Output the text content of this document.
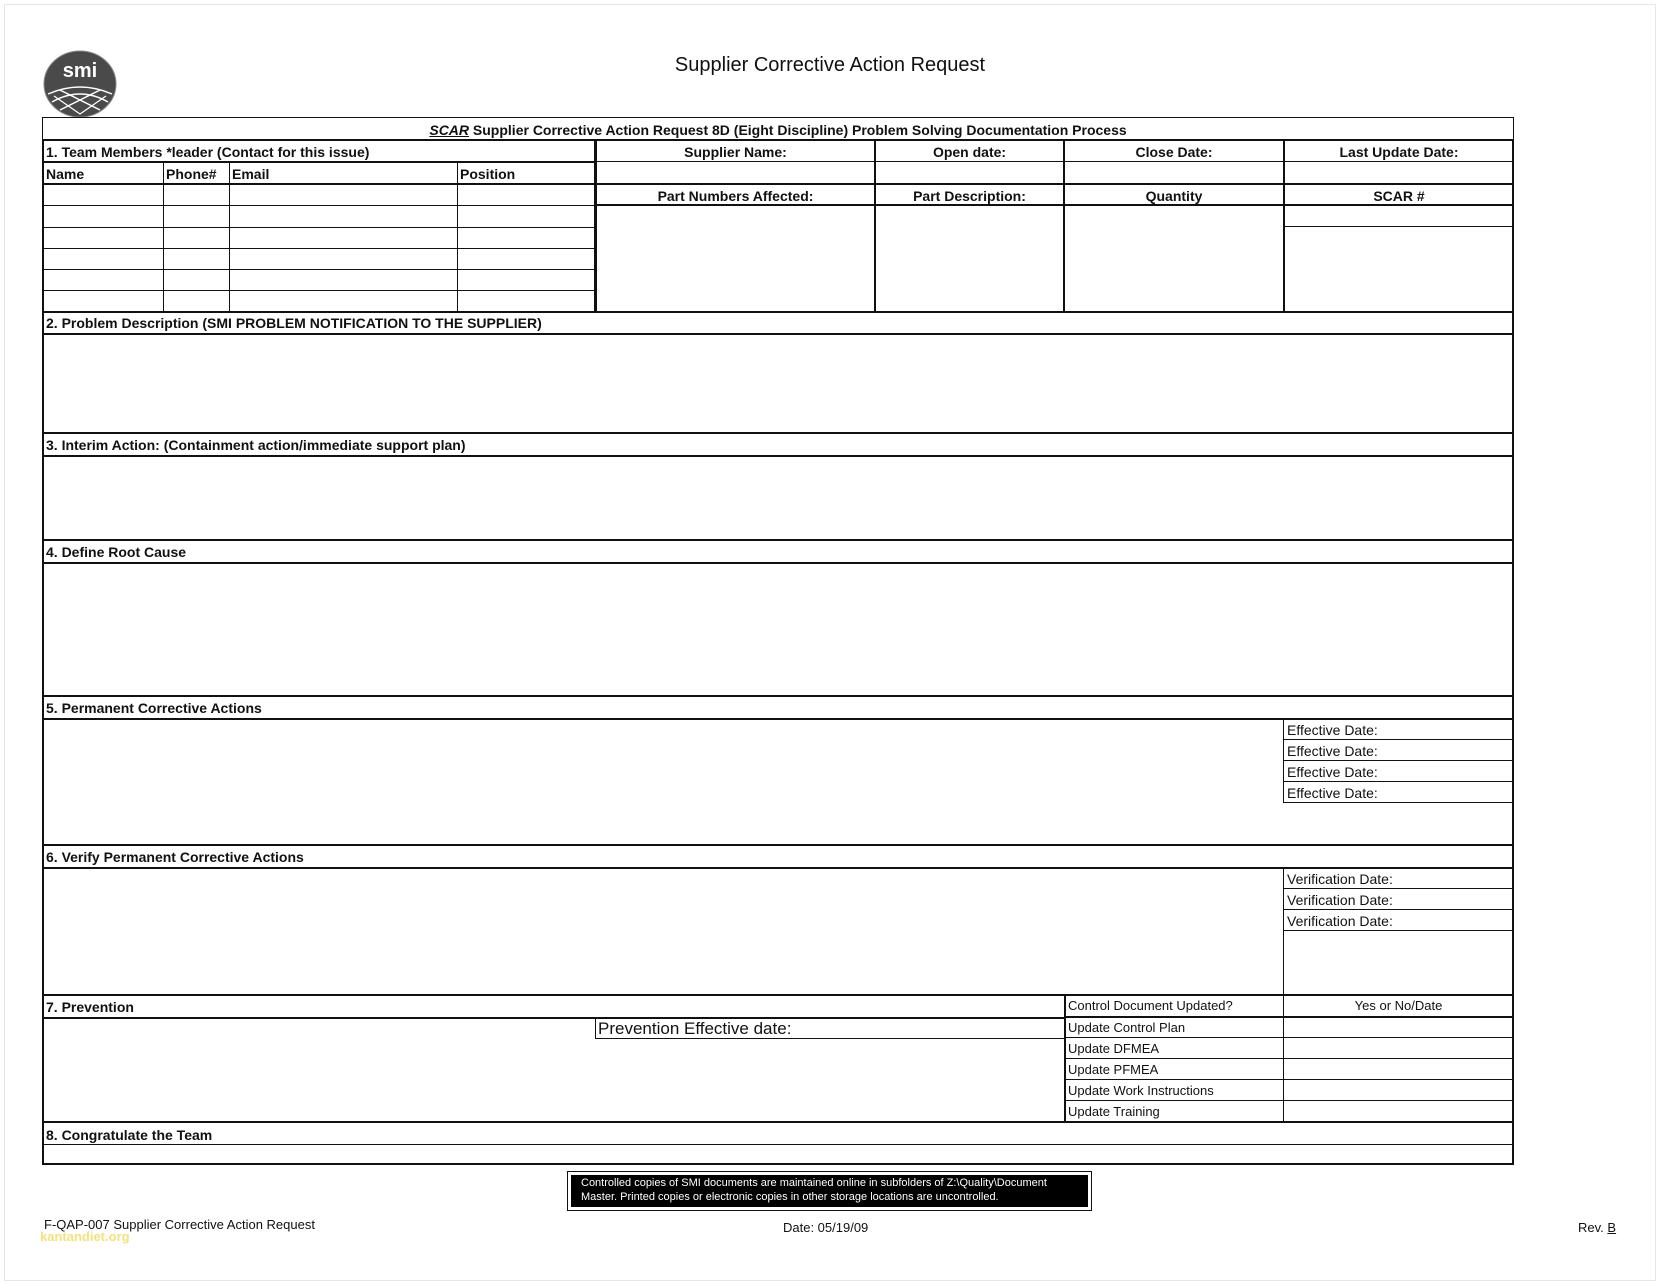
smi	Supplier Corrective Action Request
SCAR Supplier Corrective Action Request 8D (Eight Discipline) Problem Solving Documentation Process
1. Team Members *leader (Contact for this issue)
Name	Phone# Email	Position
Supplier Name:	Open date:	Close Date:	Last Update Date:
Part Numbers Affected:	Part Description:	Quantity	SCAR #
2. Problem Description (SMI PROBLEM NOTIFICATION TO THE SUPPLIER)
3. Interim Action: (Containment action/immediate support plan)
4. Define Root Cause
5. Permanent Corrective Actions
Effective Date:
Effective Date:
Effective Date:
Effective Date:
6. Verify Permanent Corrective Actions
Verification Date:
Verification Date:
Verification Date:
7. Prevention
Prevention Effective date:
Control Document Updated?	Yes or No/Date
Update Control Plan
Update DFMEA
Update PFMEA
Update Work Instructions
Update Training
8. Congratulate the Team
Controlled copies of SMI documents are maintained online in subfolders of Z:\Quality\Document
Master. Printed copies or electronic copies in other storage locations are uncontrolled.
F-QAP-007 Supplier Corrective Action Request
kantandiet.org
Date: 05/19/09	Rev. B
